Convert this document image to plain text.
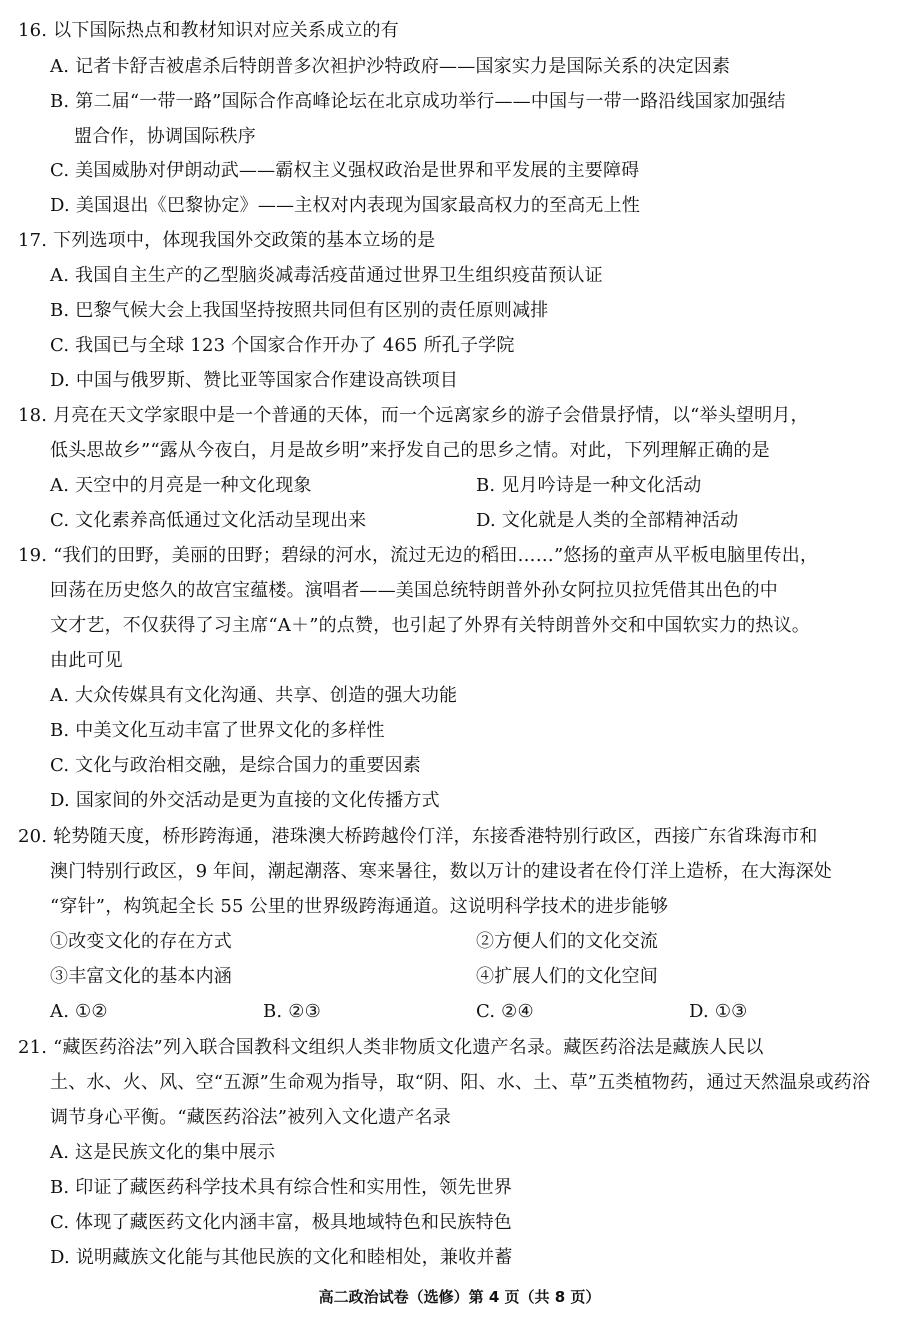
16. 以下国际热点和教材知识对应关系成立的有
A. 记者卡舒吉被虐杀后特朗普多次袒护沙特政府——国家实力是国际关系的决定因素
B. 第二届“一带一路”国际合作高峰论坛在北京成功举行——中国与一带一路沿线国家加强结
盟合作，协调国际秩序
C. 美国威胁对伊朗动武——霸权主义强权政治是世界和平发展的主要障碍
D. 美国退出《巴黎协定》——主权对内表现为国家最高权力的至高无上性
17. 下列选项中，体现我国外交政策的基本立场的是
A. 我国自主生产的乙型脑炎减毒活疫苗通过世界卫生组织疫苗预认证
B. 巴黎气候大会上我国坚持按照共同但有区别的责任原则减排
C. 我国已与全球 123 个国家合作开办了 465 所孔子学院
D. 中国与俄罗斯、赞比亚等国家合作建设高铁项目
18. 月亮在天文学家眼中是一个普通的天体，而一个远离家乡的游子会借景抒情，以“举头望明月，
低头思故乡”“露从今夜白，月是故乡明”来抒发自己的思乡之情。对此，下列理解正确的是
A. 天空中的月亮是一种文化现象	B. 见月吟诗是一种文化活动
C. 文化素养高低通过文化活动呈现出来	D. 文化就是人类的全部精神活动
19. “我们的田野，美丽的田野；碧绿的河水，流过无边的稻田……”悠扬的童声从平板电脑里传出，
回荡在历史悠久的故宫宝蕴楼。演唱者——美国总统特朗普外孙女阿拉贝拉凭借其出色的中
文才艺，不仅获得了习主席“A＋”的点赞，也引起了外界有关特朗普外交和中国软实力的热议。
由此可见
A. 大众传媒具有文化沟通、共享、创造的强大功能
B. 中美文化互动丰富了世界文化的多样性
C. 文化与政治相交融，是综合国力的重要因素
D. 国家间的外交活动是更为直接的文化传播方式
20. 轮势随天度，桥形跨海通，港珠澳大桥跨越伶仃洋，东接香港特别行政区，西接广东省珠海市和
澳门特别行政区，9 年间，潮起潮落、寒来暑往，数以万计的建设者在伶仃洋上造桥，在大海深处
“穿针”，构筑起全长 55 公里的世界级跨海通道。这说明科学技术的进步能够
①改变文化的存在方式	②方便人们的文化交流
③丰富文化的基本内涵	④扩展人们的文化空间
A. ①②	B. ②③	C. ②④	D. ①③
21. “藏医药浴法”列入联合国教科文组织人类非物质文化遗产名录。藏医药浴法是藏族人民以
土、水、火、风、空“五源”生命观为指导，取“阴、阳、水、土、草”五类植物药，通过天然温泉或药浴
调节身心平衡。“藏医药浴法”被列入文化遗产名录
A. 这是民族文化的集中展示
B. 印证了藏医药科学技术具有综合性和实用性，领先世界
C. 体现了藏医药文化内涵丰富，极具地域特色和民族特色
D. 说明藏族文化能与其他民族的文化和睦相处，兼收并蓄
高二政治试卷（选修）第 4 页（共 8 页）
